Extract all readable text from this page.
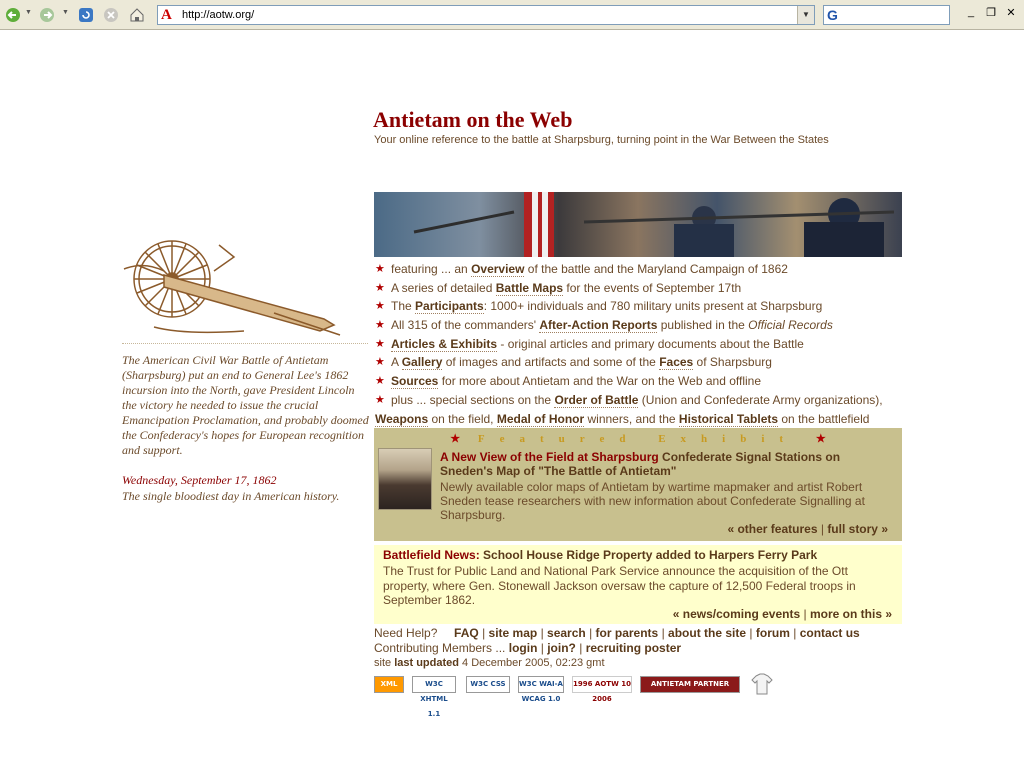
▼	▼	A http://aotw.org/	▼ G	_	❐ ✕
Antietam on the Web
Your online reference to the battle at Sharpsburg, turning point in the War Between the States
The American Civil War Battle of Antietam (Sharpsburg) put an end to General Lee's 1862 incursion into the North, gave President Lincoln the victory he needed to issue the crucial Emancipation Proclamation, and probably doomed the Confederacy's hopes for European recognition and support.
Wednesday, September 17, 1862
The single bloodiest day in American history.
★ featuring ... an Overview of the battle and the Maryland Campaign of 1862
★ A series of detailed Battle Maps for the events of September 17th
★ The Participants: 1000+ individuals and 780 military units present at Sharpsburg
★ All 315 of the commanders' After-Action Reports published in the Official Records
★ Articles & Exhibits - original articles and primary documents about the Battle
★ A Gallery of images and artifacts and some of the Faces of Sharpsburg
★ Sources for more about Antietam and the War on the Web and offline
★ plus ... special sections on the Order of Battle (Union and Confederate Army organizations),
Weapons on the field, Medal of Honor winners, and the Historical Tablets on the battlefield
★ Featured Exhibit ★
A New View of the Field at Sharpsburg Confederate Signal Stations on Sneden's Map of "The Battle of Antietam"
Newly available color maps of Antietam by wartime mapmaker and artist Robert Sneden tease researchers with new information about Confederate Signalling at Sharpsburg.
« other features | full story »
Battlefield News: School House Ridge Property added to Harpers Ferry Park
The Trust for Public Land and National Park Service announce the acquisition of the Ott property, where Gen. Stonewall Jackson oversaw the capture of 12,500 Federal troops in September 1862.
« news/coming events | more on this »
Need Help? FAQ | site map | search | for parents | about the site | forum | contact us
Contributing Members ... login | join? | recruiting poster
site last updated 4 December 2005, 02:23 gmt
XML	W3C XHTML 1.1
W3C CSS	W3C WAI-A WCAG 1.0
1996 AOTW 10 2006
ANTIETAM PARTNER
